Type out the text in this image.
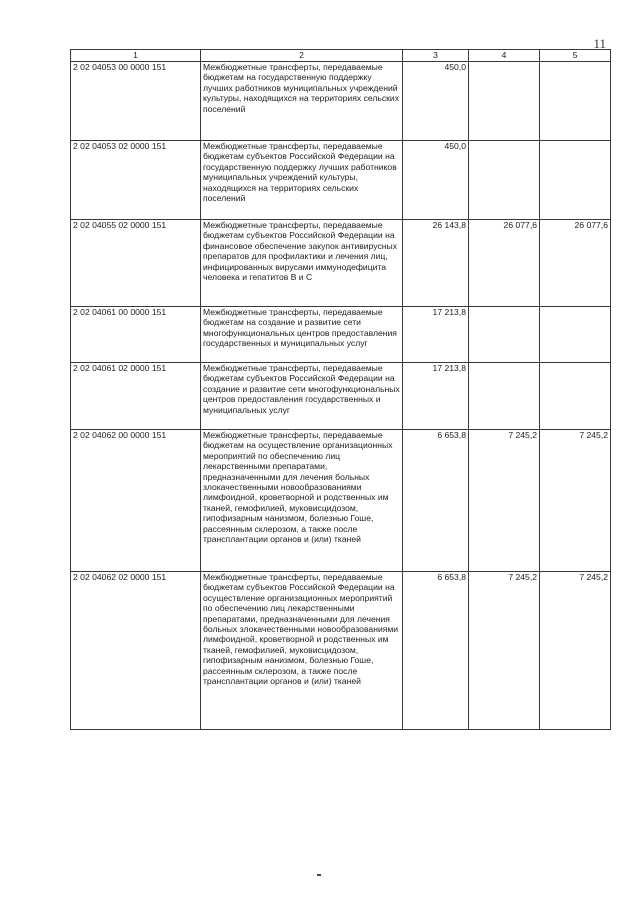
11
1	2	3	4	5
2 02 04053 00 0000 151	Межбюджетные трансферты, передаваемые бюджетам на государственную поддержку лучших работников муниципальных учреждений культуры, находящихся на территориях сельских поселений	450,0		
2 02 04053 02 0000 151	Межбюджетные трансферты, передаваемые бюджетам субъектов Российской Федерации на государственную поддержку лучших работников муниципальных учреждений культуры, находящихся на территориях сельских поселений	450,0		
2 02 04055 02 0000 151	Межбюджетные трансферты, передаваемые бюджетам субъектов Российской Федерации на финансовое обеспечение закупок антивирусных препаратов для профилактики и лечения лиц, инфицированных вирусами иммунодефицита человека и гепатитов В и С	26 143,8	26 077,6	26 077,6
2 02 04061 00 0000 151	Межбюджетные трансферты, передаваемые бюджетам на создание и развитие сети многофункциональных центров предоставления государственных и муниципальных услуг	17 213,8		
2 02 04061 02 0000 151	Межбюджетные трансферты, передаваемые бюджетам субъектов Российской Федерации на создание и развитие сети многофункциональных центров предоставления государственных и муниципальных услуг	17 213,8		
2 02 04062 00 0000 151	Межбюджетные трансферты, передаваемые бюджетам на осуществление организационных мероприятий по обеспечению лиц лекарственными препаратами, предназначенными для лечения больных злокачественными новообразованиями лимфоидной, кроветворной и родственных им тканей, гемофилией, муковисцидозом, гипофизарным нанизмом, болезнью Гоше, рассеянным склерозом, а также после трансплантации органов и (или) тканей	6 653,8	7 245,2	7 245,2
2 02 04062 02 0000 151	Межбюджетные трансферты, передаваемые бюджетам субъектов Российской Федерации на осуществление организационных мероприятий по обеспечению лиц лекарственными препаратами, предназначенными для лечения больных злокачественными новообразованиями лимфоидной, кроветворной и родственных им тканей, гемофилией, муковисцидозом, гипофизарным нанизмом, болезнью Гоше, рассеянным склерозом, а также после трансплантации органов и (или) тканей	6 653,8	7 245,2	7 245,2
